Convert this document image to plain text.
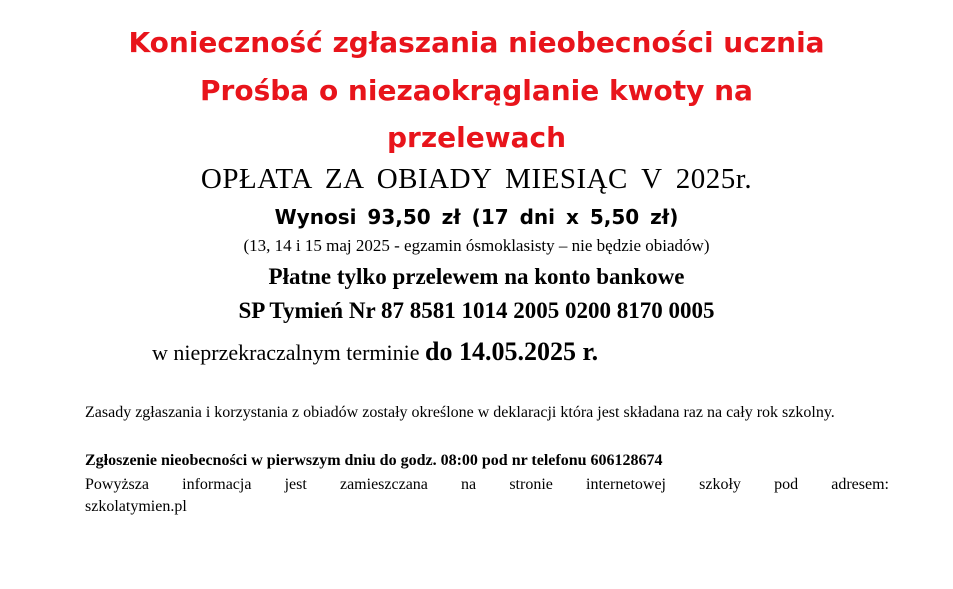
Konieczność zgłaszania nieobecności ucznia
Prośba o niezaokrąglanie kwoty na
przelewach
OPŁATA ZA OBIADY MIESIĄC V 2025r.
Wynosi 93,50 zł (17 dni x 5,50 zł)
(13, 14 i 15 maj 2025 - egzamin ósmoklasisty – nie będzie obiadów)
Płatne tylko przelewem na konto bankowe
SP Tymień Nr 87 8581 1014 2005 0200 8170 0005
w nieprzekraczalnym terminie do 14.05.2025 r.
Zasady zgłaszania i korzystania z obiadów zostały określone w deklaracji która jest składana raz na cały rok szkolny.
Zgłoszenie nieobecności w pierwszym dniu do godz. 08:00 pod nr telefonu 606128674
Powyższa informacja jest zamieszczana na stronie internetowej szkoły pod adresem:
szkolatymien.pl
